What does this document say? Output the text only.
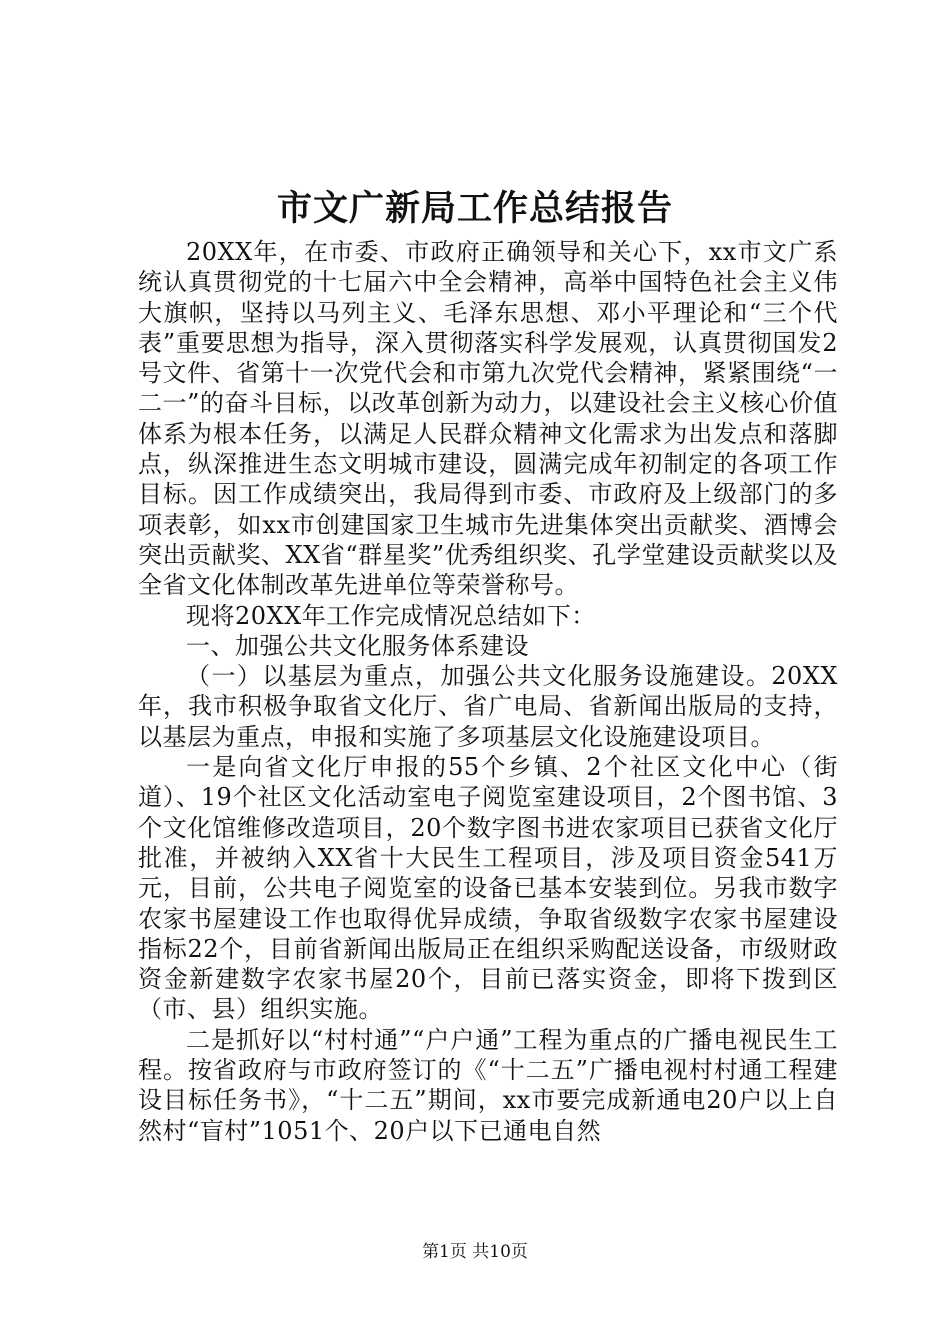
市文广新局工作总结报告

20XX年，在市委、市政府正确领导和关心下，xx市文广系统认真贯彻党的十七届六中全会精神，高举中国特色社会主义伟大旗帜，坚持以马列主义、毛泽东思想、邓小平理论和“三个代表”重要思想为指导，深入贯彻落实科学发展观，认真贯彻国发2号文件、省第十一次党代会和市第九次党代会精神，紧紧围绕“一二一”的奋斗目标，以改革创新为动力，以建设社会主义核心价值体系为根本任务，以满足人民群众精神文化需求为出发点和落脚点，纵深推进生态文明城市建设，圆满完成年初制定的各项工作目标。因工作成绩突出，我局得到市委、市政府及上级部门的多项表彰，如xx市创建国家卫生城市先进集体突出贡献奖、酒博会突出贡献奖、XX省“群星奖”优秀组织奖、孔学堂建设贡献奖以及全省文化体制改革先进单位等荣誉称号。

现将20XX年工作完成情况总结如下：

一、加强公共文化服务体系建设

（一）以基层为重点，加强公共文化服务设施建设。20XX年，我市积极争取省文化厅、省广电局、省新闻出版局的支持，以基层为重点，申报和实施了多项基层文化设施建设项目。

一是向省文化厅申报的55个乡镇、2个社区文化中心（街道）、19个社区文化活动室电子阅览室建设项目，2个图书馆、3个文化馆维修改造项目，20个数字图书进农家项目已获省文化厅批准，并被纳入XX省十大民生工程项目，涉及项目资金541万元，目前，公共电子阅览室的设备已基本安装到位。另我市数字农家书屋建设工作也取得优异成绩，争取省级数字农家书屋建设指标22个，目前省新闻出版局正在组织采购配送设备，市级财政资金新建数字农家书屋20个，目前已落实资金，即将下拨到区（市、县）组织实施。

二是抓好以“村村通”“户户通”工程为重点的广播电视民生工程。按省政府与市政府签订的《“十二五”广播电视村村通工程建设目标任务书》，“十二五”期间，xx市要完成新通电20户以上自然村“盲村”1051个、20户以下已通电自然

第1页 共10页
